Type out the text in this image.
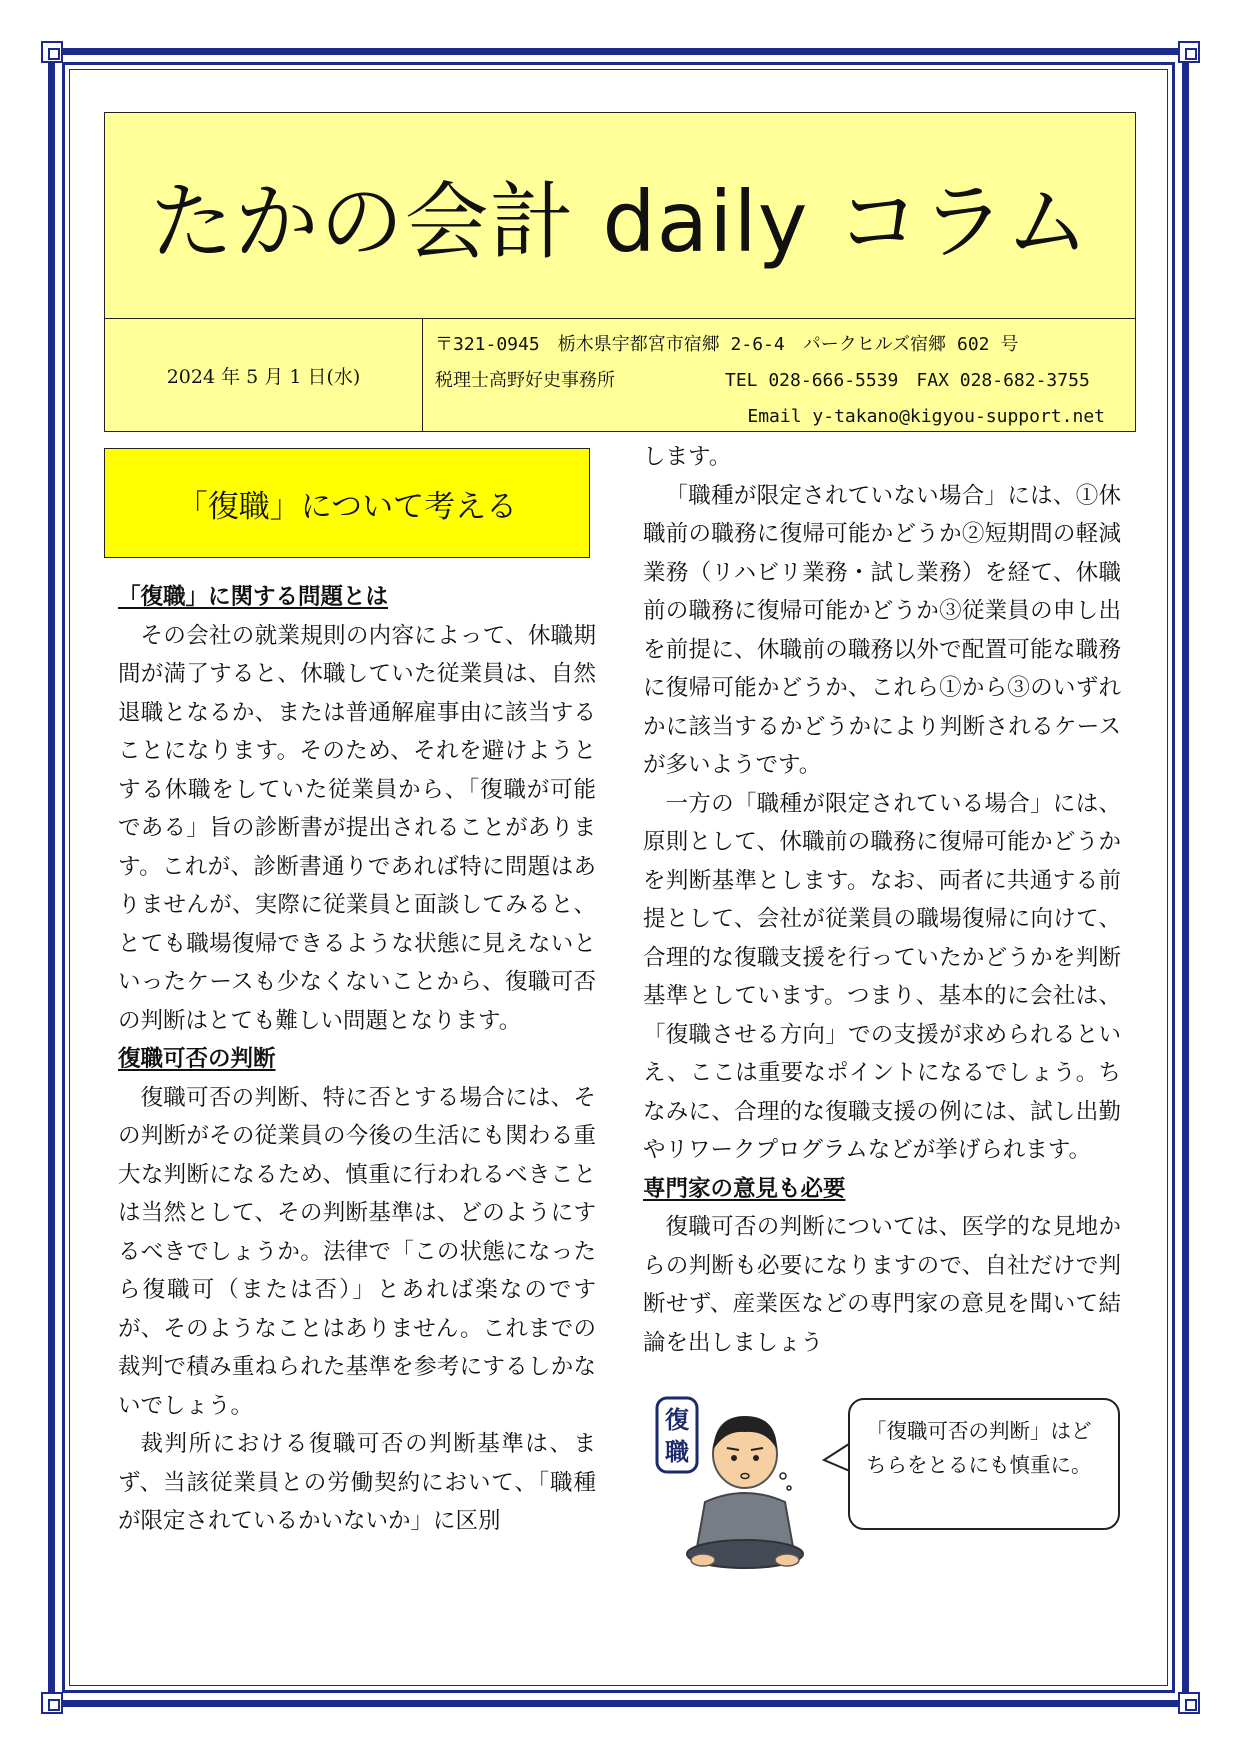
たかの会計 daily コラム
2024 年 5 月 1 日(水)
〒321-0945　栃木県宇都宮市宿郷 2-6-4　パークヒルズ宿郷 602 号
税理士高野好史事務所	TEL 028-666-5539　FAX 028-682-3755
Email y-takano@kigyou-support.net
「復職」について考える
「復職」に関する問題とは

その会社の就業規則の内容によって、休職期間が満了すると、休職していた従業員は、自然退職となるか、または普通解雇事由に該当することになります。そのため、それを避けようとする休職をしていた従業員から、「復職が可能である」旨の診断書が提出されることがあります。これが、診断書通りであれば特に問題はありませんが、実際に従業員と面談してみると、とても職場復帰できるような状態に見えないといったケースも少なくないことから、復職可否の判断はとても難しい問題となります。

復職可否の判断

復職可否の判断、特に否とする場合には、その判断がその従業員の今後の生活にも関わる重大な判断になるため、慎重に行われるべきことは当然として、その判断基準は、どのようにするべきでしょうか。法律で「この状態になったら復職可（または否）」とあれば楽なのですが、そのようなことはありません。これまでの裁判で積み重ねられた基準を参考にするしかないでしょう。

裁判所における復職可否の判断基準は、まず、当該従業員との労働契約において、「職種が限定されているかいないか」に区別

します。

「職種が限定されていない場合」には、①休職前の職務に復帰可能かどうか②短期間の軽減業務（リハビリ業務・試し業務）を経て、休職前の職務に復帰可能かどうか③従業員の申し出を前提に、休職前の職務以外で配置可能な職務に復帰可能かどうか、これら①から③のいずれかに該当するかどうかにより判断されるケースが多いようです。

一方の「職種が限定されている場合」には、原則として、休職前の職務に復帰可能かどうかを判断基準とします。なお、両者に共通する前提として、会社が従業員の職場復帰に向けて、合理的な復職支援を行っていたかどうかを判断基準としています。つまり、基本的に会社は、「復職させる方向」での支援が求められるといえ、ここは重要なポイントになるでしょう。ちなみに、合理的な復職支援の例には、試し出勤やリワークプログラムなどが挙げられます。

専門家の意見も必要

復職可否の判断については、医学的な見地からの判断も必要になりますので、自社だけで判断せず、産業医などの専門家の意見を聞いて結論を出しましょう

復
職
「復職可否の判断」はどちらをとるにも慎重に。
